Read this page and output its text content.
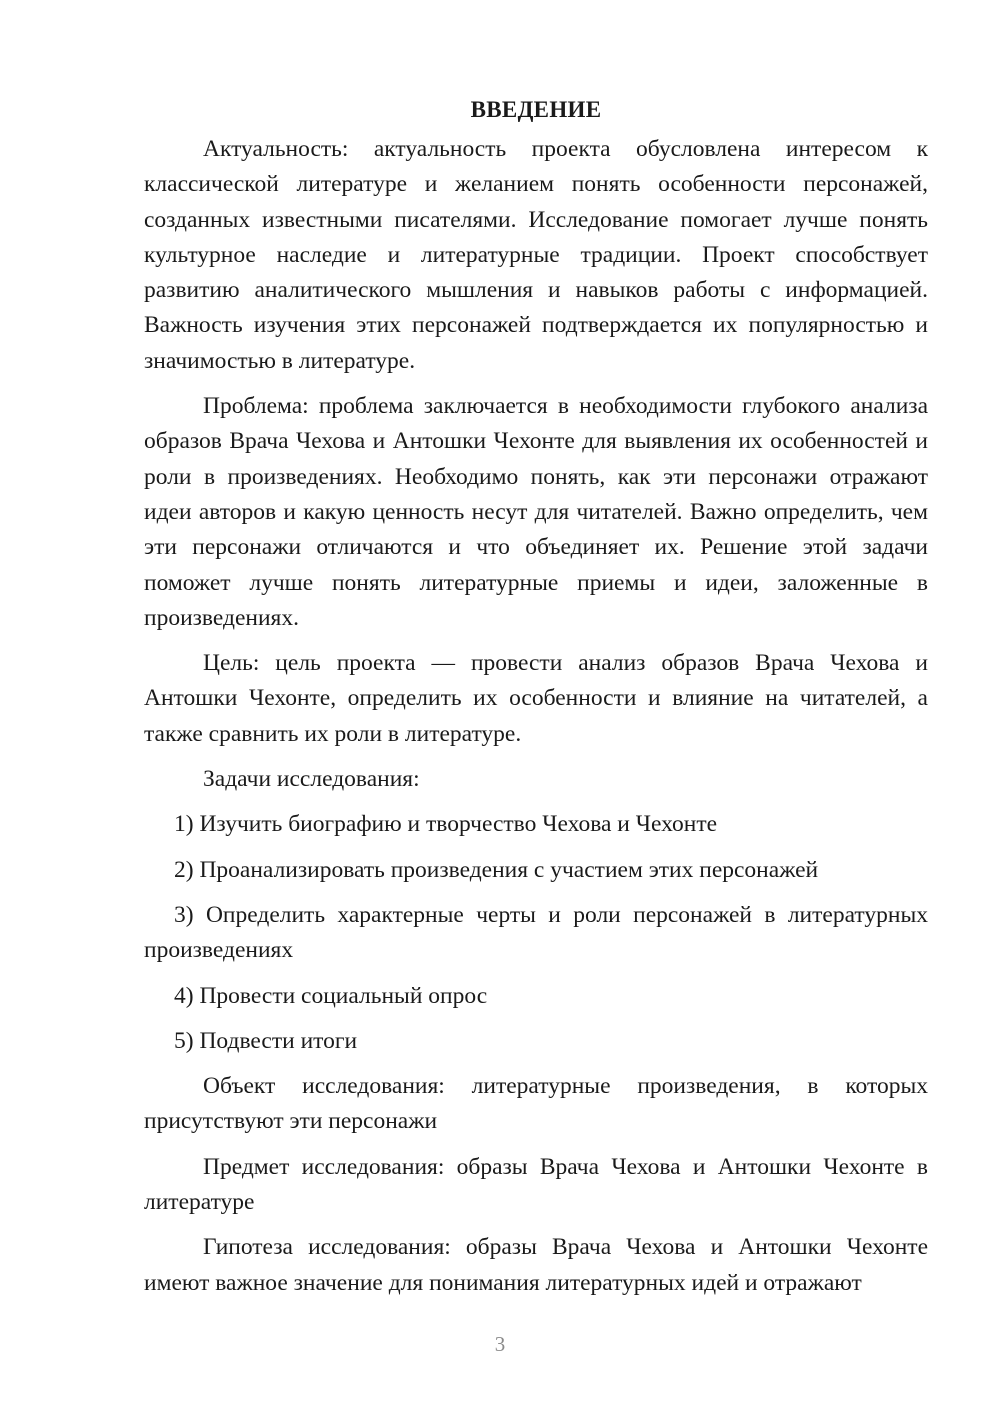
ВВЕДЕНИЕ

Актуальность: актуальность проекта обусловлена интересом к классической литературе и желанием понять особенности персонажей, созданных известными писателями. Исследование помогает лучше понять культурное наследие и литературные традиции. Проект способствует развитию аналитического мышления и навыков работы с информацией. Важность изучения этих персонажей подтверждается их популярностью и значимостью в литературе.

Проблема: проблема заключается в необходимости глубокого анализа образов Врача Чехова и Антошки Чехонте для выявления их особенностей и роли в произведениях. Необходимо понять, как эти персонажи отражают идеи авторов и какую ценность несут для читателей. Важно определить, чем эти персонажи отличаются и что объединяет их. Решение этой задачи поможет лучше понять литературные приемы и идеи, заложенные в произведениях.

Цель: цель проекта — провести анализ образов Врача Чехова и Антошки Чехонте, определить их особенности и влияние на читателей, а также сравнить их роли в литературе.

Задачи исследования:

1) Изучить биографию и творчество Чехова и Чехонте

2) Проанализировать произведения с участием этих персонажей

3) Определить характерные черты и роли персонажей в литературных произведениях

4) Провести социальный опрос

5) Подвести итоги

Объект исследования: литературные произведения, в которых присутствуют эти персонажи

Предмет исследования: образы Врача Чехова и Антошки Чехонте в литературе

Гипотеза исследования: образы Врача Чехова и Антошки Чехонте имеют важное значение для понимания литературных идей и отражают

3
